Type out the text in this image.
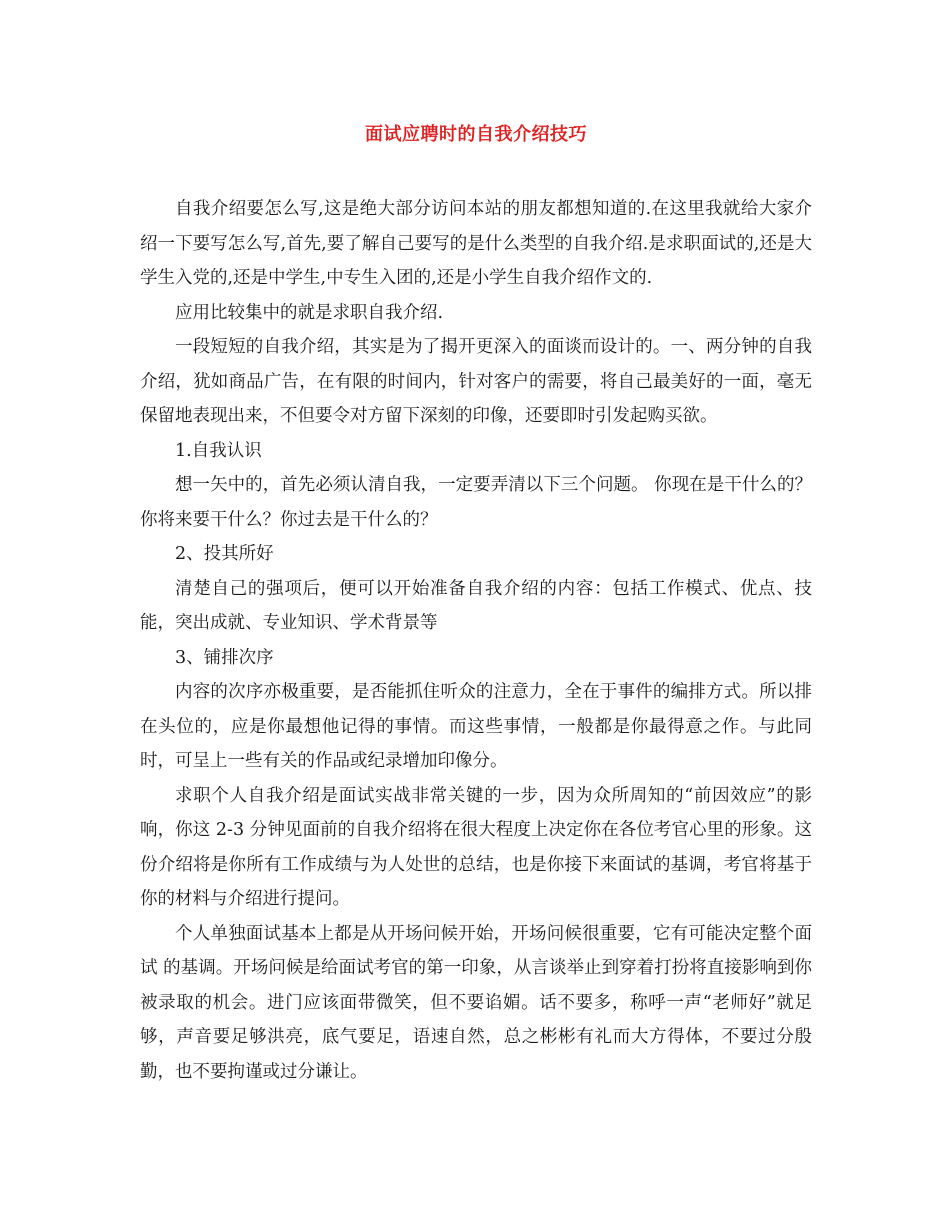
面试应聘时的自我介绍技巧

自我介绍要怎么写,这是绝大部分访问本站的朋友都想知道的.在这里我就给大家介绍一下要写怎么写,首先,要了解自己要写的是什么类型的自我介绍.是求职面试的,还是大学生入党的,还是中学生,中专生入团的,还是小学生自我介绍作文的.

应用比较集中的就是求职自我介绍.

一段短短的自我介绍，其实是为了揭开更深入的面谈而设计的。一、两分钟的自我介绍，犹如商品广告，在有限的时间内，针对客户的需要，将自己最美好的一面，毫无保留地表现出来，不但要令对方留下深刻的印像，还要即时引发起购买欲。

1.自我认识

想一矢中的，首先必须认清自我，一定要弄清以下三个问题。 你现在是干什么的？你将来要干什么？你过去是干什么的？

2、投其所好

清楚自己的强项后，便可以开始准备自我介绍的内容：包括工作模式、优点、技能，突出成就、专业知识、学术背景等

3、铺排次序

内容的次序亦极重要，是否能抓住听众的注意力，全在于事件的编排方式。所以排在头位的，应是你最想他记得的事情。而这些事情，一般都是你最得意之作。与此同时，可呈上一些有关的作品或纪录增加印像分。

求职个人自我介绍是面试实战非常关键的一步，因为众所周知的“前因效应”的影响，你这 2-3 分钟见面前的自我介绍将在很大程度上决定你在各位考官心里的形象。这份介绍将是你所有工作成绩与为人处世的总结，也是你接下来面试的基调，考官将基于你的材料与介绍进行提问。

个人单独面试基本上都是从开场问候开始，开场问候很重要，它有可能决定整个面试 的基调。开场问候是给面试考官的第一印象，从言谈举止到穿着打扮将直接影响到你被录取的机会。进门应该面带微笑，但不要谄媚。话不要多，称呼一声“老师好”就足够，声音要足够洪亮，底气要足，语速自然，总之彬彬有礼而大方得体，不要过分殷勤，也不要拘谨或过分谦让。
